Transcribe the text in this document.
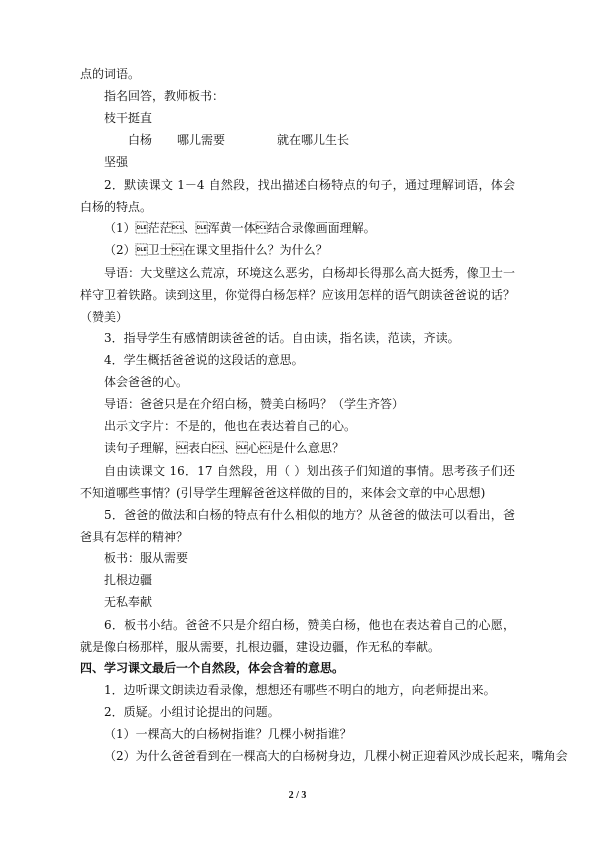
点的词语。
指名回答，教师板书：
枝干挺直
白杨 哪儿需要	就在哪儿生长
坚强
2．默读课文 1－4 自然段，找出描述白杨特点的句子，通过理解词语，体会白杨的特点。
（1）茫茫、浑黄一体结合录像画面理解。
（2）卫士在课文里指什么？为什么？
导语：大戈壁这么荒凉，环境这么恶劣，白杨却长得那么高大挺秀，像卫士一样守卫着铁路。读到这里，你觉得白杨怎样？应该用怎样的语气朗读爸爸说的话？（赞美）
3．指导学生有感情朗读爸爸的话。自由读，指名读，范读，齐读。
4．学生概括爸爸说的这段话的意思。
体会爸爸的心。
导语：爸爸只是在介绍白杨，赞美白杨吗？（学生齐答）
出示文字片：不是的，他也在表达着自己的心。
读句子理解，表白、心是什么意思？
自由读课文 16．17 自然段，用（ ）划出孩子们知道的事情。思考孩子们还不知道哪些事情？(引导学生理解爸爸这样做的目的，来体会文章的中心思想)
5．爸爸的做法和白杨的特点有什么相似的地方？从爸爸的做法可以看出，爸爸具有怎样的精神？
板书：服从需要
扎根边疆
无私奉献
6．板书小结。爸爸不只是介绍白杨，赞美白杨，他也在表达着自己的心愿，就是像白杨那样，服从需要，扎根边疆，建设边疆，作无私的奉献。
四、学习课文最后一个自然段，体会含着的意思。
1．边听课文朗读边看录像，想想还有哪些不明白的地方，向老师提出来。
2．质疑。小组讨论提出的问题。
（1）一棵高大的白杨树指谁？几棵小树指谁？
（2）为什么爸爸看到在一棵高大的白杨树身边，几棵小树正迎着风沙成长起来，嘴角会
2 / 3
